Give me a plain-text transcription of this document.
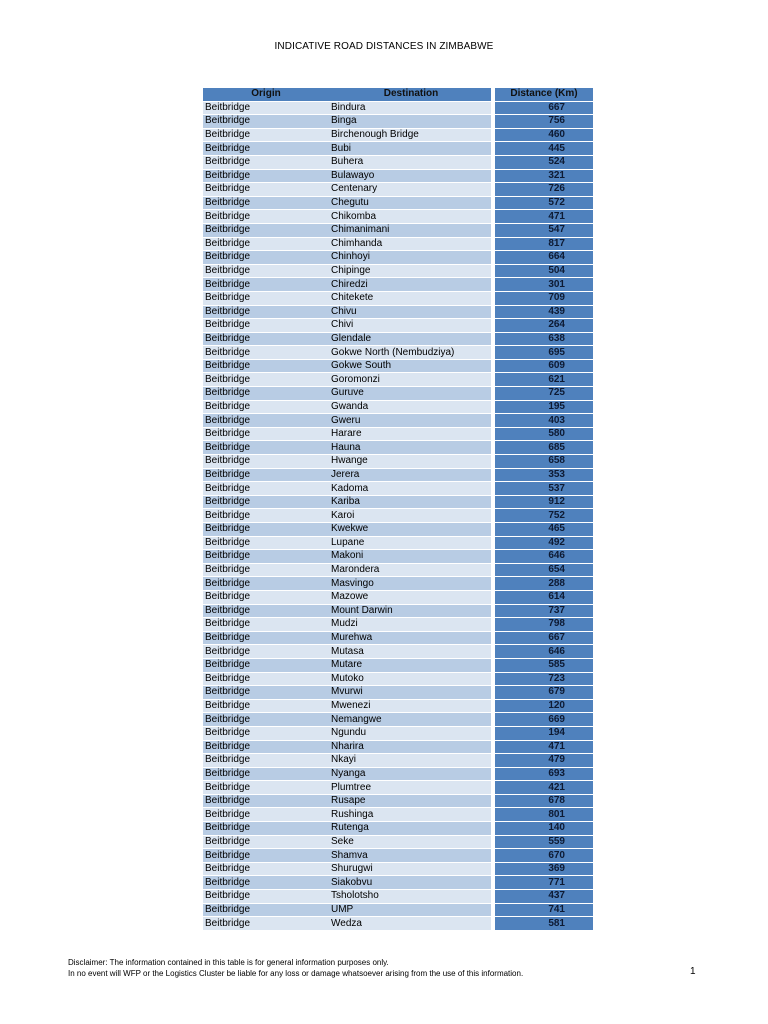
INDICATIVE ROAD DISTANCES IN ZIMBABWE
Origin	Destination		Distance (Km)
Beitbridge	Bindura		667
Beitbridge	Binga		756
Beitbridge	Birchenough Bridge		460
Beitbridge	Bubi		445
Beitbridge	Buhera		524
Beitbridge	Bulawayo		321
Beitbridge	Centenary		726
Beitbridge	Chegutu		572
Beitbridge	Chikomba		471
Beitbridge	Chimanimani		547
Beitbridge	Chimhanda		817
Beitbridge	Chinhoyi		664
Beitbridge	Chipinge		504
Beitbridge	Chiredzi		301
Beitbridge	Chitekete		709
Beitbridge	Chivu		439
Beitbridge	Chivi		264
Beitbridge	Glendale		638
Beitbridge	Gokwe North (Nembudziya)		695
Beitbridge	Gokwe South		609
Beitbridge	Goromonzi		621
Beitbridge	Guruve		725
Beitbridge	Gwanda		195
Beitbridge	Gweru		403
Beitbridge	Harare		580
Beitbridge	Hauna		685
Beitbridge	Hwange		658
Beitbridge	Jerera		353
Beitbridge	Kadoma		537
Beitbridge	Kariba		912
Beitbridge	Karoi		752
Beitbridge	Kwekwe		465
Beitbridge	Lupane		492
Beitbridge	Makoni		646
Beitbridge	Marondera		654
Beitbridge	Masvingo		288
Beitbridge	Mazowe		614
Beitbridge	Mount Darwin		737
Beitbridge	Mudzi		798
Beitbridge	Murehwa		667
Beitbridge	Mutasa		646
Beitbridge	Mutare		585
Beitbridge	Mutoko		723
Beitbridge	Mvurwi		679
Beitbridge	Mwenezi		120
Beitbridge	Nemangwe		669
Beitbridge	Ngundu		194
Beitbridge	Nharira		471
Beitbridge	Nkayi		479
Beitbridge	Nyanga		693
Beitbridge	Plumtree		421
Beitbridge	Rusape		678
Beitbridge	Rushinga		801
Beitbridge	Rutenga		140
Beitbridge	Seke		559
Beitbridge	Shamva		670
Beitbridge	Shurugwi		369
Beitbridge	Siakobvu		771
Beitbridge	Tsholotsho		437
Beitbridge	UMP		741
Beitbridge	Wedza		581
Disclaimer: The information contained in this table is for general information purposes only.
In no event will WFP or the Logistics Cluster be liable for any loss or damage whatsoever arising from the use of this information.	1
